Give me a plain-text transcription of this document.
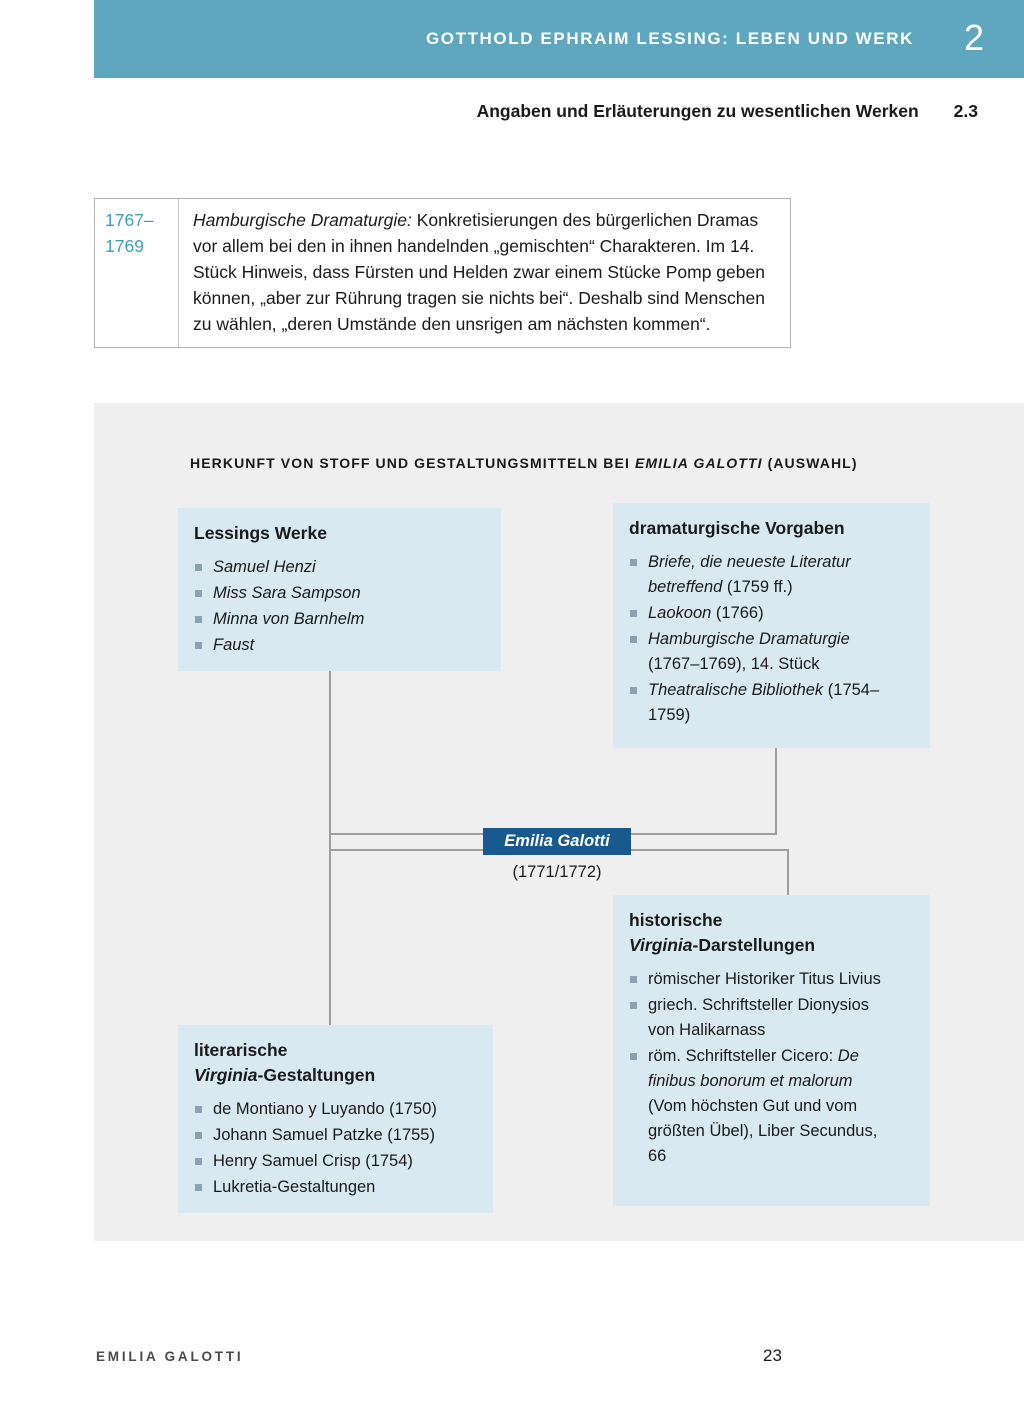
GOTTHOLD EPHRAIM LESSING: LEBEN UND WERK 2
Angaben und Erläuterungen zu wesentlichen Werken 2.3
1767–
1769
Hamburgische Dramaturgie: Konkretisierungen des bürgerlichen Dramas vor allem bei den in ihnen handelnden „gemischten“ Charakteren. Im 14. Stück Hinweis, dass Fürsten und Helden zwar einem Stücke Pomp geben können, „aber zur Rührung tragen sie nichts bei“. Deshalb sind Menschen zu wählen, „deren Umstände den unsrigen am nächsten kommen“.
HERKUNFT VON STOFF UND GESTALTUNGSMITTELN BEI EMILIA GALOTTI (AUSWAHL)
Lessings Werke
Samuel Henzi
Miss Sara Sampson
Minna von Barnhelm
Faust
dramaturgische Vorgaben
Briefe, die neueste Literatur betreffend (1759 ff.)
Laokoon (1766)
Hamburgische Dramaturgie (1767–1769), 14. Stück
Theatralische Bibliothek (1754–1759)
Emilia Galotti
(1771/1772)
historische
Virginia-Darstellungen
römischer Historiker Titus Livius
griech. Schriftsteller Dionysios von Halikarnass
röm. Schriftsteller Cicero: De finibus bonorum et malorum (Vom höchsten Gut und vom größten Übel), Liber Secundus, 66
literarische
Virginia-Gestaltungen
de Montiano y Luyando (1750)
Johann Samuel Patzke (1755)
Henry Samuel Crisp (1754)
Lukretia-Gestaltungen
EMILIA GALOTTI	23
